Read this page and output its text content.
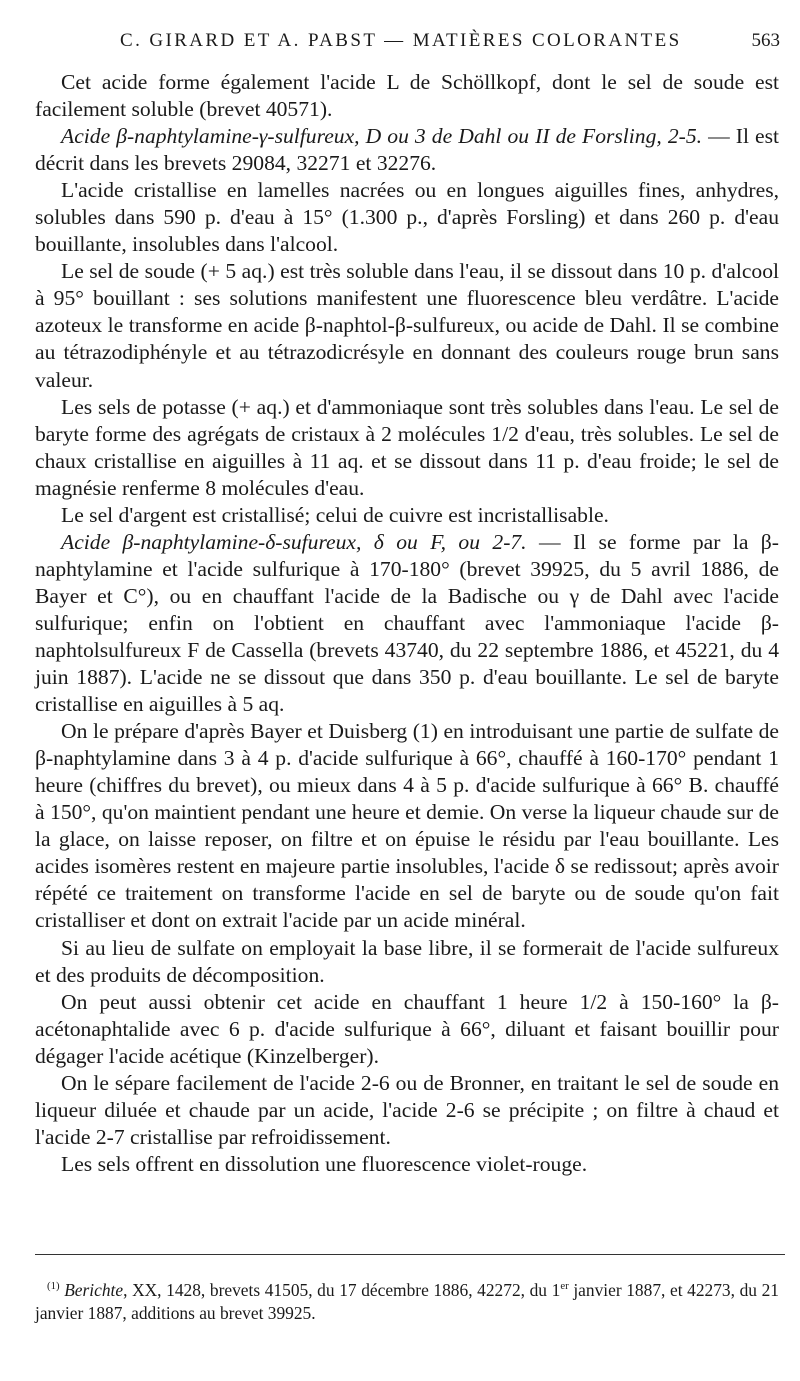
C. GIRARD ET A. PABST — MATIÈRES COLORANTES	563

Cet acide forme également l'acide L de Schöllkopf, dont le sel de soude est facilement soluble (brevet 40571).

Acide β-naphtylamine-γ-sulfureux, D ou 3 de Dahl ou II de Forsling, 2-5. — Il est décrit dans les brevets 29084, 32271 et 32276.

L'acide cristallise en lamelles nacrées ou en longues aiguilles fines, anhydres, solubles dans 590 p. d'eau à 15° (1.300 p., d'après Forsling) et dans 260 p. d'eau bouillante, insolubles dans l'alcool.

Le sel de soude (+ 5 aq.) est très soluble dans l'eau, il se dissout dans 10 p. d'alcool à 95° bouillant : ses solutions manifestent une fluorescence bleu verdâtre. L'acide azoteux le transforme en acide β-naphtol-β-sulfureux, ou acide de Dahl. Il se combine au tétrazodiphényle et au tétrazodicrésyle en donnant des couleurs rouge brun sans valeur.

Les sels de potasse (+ aq.) et d'ammoniaque sont très solubles dans l'eau. Le sel de baryte forme des agrégats de cristaux à 2 molécules 1/2 d'eau, très solubles. Le sel de chaux cristallise en aiguilles à 11 aq. et se dissout dans 11 p. d'eau froide; le sel de magnésie renferme 8 molécules d'eau.

Le sel d'argent est cristallisé; celui de cuivre est incristallisable.

Acide β-naphtylamine-δ-sufureux, δ ou F, ou 2-7. — Il se forme par la β-naphtylamine et l'acide sulfurique à 170-180° (brevet 39925, du 5 avril 1886, de Bayer et C°), ou en chauffant l'acide de la Badische ou γ de Dahl avec l'acide sulfurique; enfin on l'obtient en chauffant avec l'ammoniaque l'acide β-naphtolsulfureux F de Cassella (brevets 43740, du 22 septembre 1886, et 45221, du 4 juin 1887). L'acide ne se dissout que dans 350 p. d'eau bouillante. Le sel de baryte cristallise en aiguilles à 5 aq.

On le prépare d'après Bayer et Duisberg (1) en introduisant une partie de sulfate de β-naphtylamine dans 3 à 4 p. d'acide sulfurique à 66°, chauffé à 160-170° pendant 1 heure (chiffres du brevet), ou mieux dans 4 à 5 p. d'acide sulfurique à 66° B. chauffé à 150°, qu'on maintient pendant une heure et demie. On verse la liqueur chaude sur de la glace, on laisse reposer, on filtre et on épuise le résidu par l'eau bouillante. Les acides isomères restent en majeure partie insolubles, l'acide δ se redissout; après avoir répété ce traitement on transforme l'acide en sel de baryte ou de soude qu'on fait cristalliser et dont on extrait l'acide par un acide minéral.

Si au lieu de sulfate on employait la base libre, il se formerait de l'acide sulfureux et des produits de décomposition.

On peut aussi obtenir cet acide en chauffant 1 heure 1/2 à 150-160° la β-acétonaphtalide avec 6 p. d'acide sulfurique à 66°, diluant et faisant bouillir pour dégager l'acide acétique (Kinzelberger).

On le sépare facilement de l'acide 2-6 ou de Bronner, en traitant le sel de soude en liqueur diluée et chaude par un acide, l'acide 2-6 se précipite ; on filtre à chaud et l'acide 2-7 cristallise par refroidissement.

Les sels offrent en dissolution une fluorescence violet-rouge.

$^{(1)}$ Berichte, XX, 1428, brevets 41505, du 17 décembre 1886, 42272, du 1er janvier 1887, et 42273, du 21 janvier 1887, additions au brevet 39925.
